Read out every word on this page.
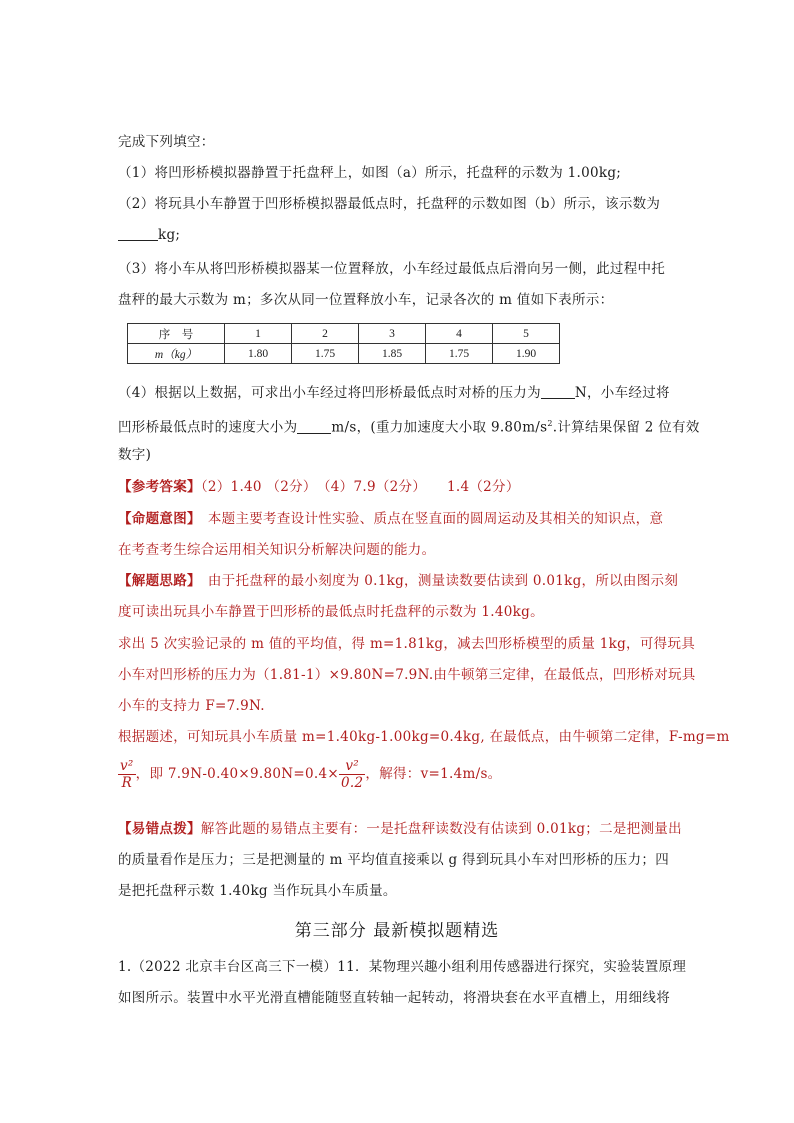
完成下列填空：
（1）将凹形桥模拟器静置于托盘秤上，如图（a）所示，托盘秤的示数为 1.00kg;
（2）将玩具小车静置于凹形桥模拟器最低点时，托盘秤的示数如图（b）所示，该示数为
kg;
（3）将小车从将凹形桥模拟器某一位置释放，小车经过最低点后滑向另一侧，此过程中托
盘秤的最大示数为 m；多次从同一位置释放小车，记录各次的 m 值如下表所示：
序　号	1	2	3	4	5
m（kg）	1.80	1.75	1.85	1.75	1.90
（4）根据以上数据，可求出小车经过将凹形桥最低点时对桥的压力为	N，小车经过将
凹形桥最低点时的速度大小为	m/s，(重力加速度大小取 $9.80m/s^2$.计算结果保留 2 位有效
数字)
【参考答案】（2）1.40 （2分）　（4）7.9（2分）　　1.4（2分）
【命题意图】　本题主要考查设计性实验、质点在竖直面的圆周运动及其相关的知识点，意
在考查考生综合运用相关知识分析解决问题的能力。
【解题思路】　由于托盘秤的最小刻度为 0.1kg，测量读数要估读到 0.01kg，所以由图示刻
度可读出玩具小车静置于凹形桥的最低点时托盘秤的示数为 1.40kg。
求出 5 次实验记录的 m 值的平均值，得 m=1.81kg，减去凹形桥模型的质量 1kg，可得玩具
小车对凹形桥的压力为（1.81-1）×9.80N=7.9N.由牛顿第三定律，在最低点，凹形桥对玩具
小车的支持力 F=7.9N.
根据题述，可知玩具小车质量 m=1.40kg-1.00kg=0.4kg, 在最低点，由牛顿第二定律，F-mg=m
$\frac{\text{v²}}{R}$ ，即 $7.9N-0.40\times 9.80N=0.4\times \frac{\text{v²}}{0.2}$ ，解得：v=1.4m/s。
【易错点拨】解答此题的易错点主要有：一是托盘秤读数没有估读到 0.01kg；二是把测量出
的质量看作是压力；三是把测量的 m 平均值直接乘以 g 得到玩具小车对凹形桥的压力；四
是把托盘秤示数 1.40kg 当作玩具小车质量。
第三部分 最新模拟题精选
1.（2022 北京丰台区高三下一模）11．某物理兴趣小组利用传感器进行探究，实验装置原理
如图所示。装置中水平光滑直槽能随竖直转轴一起转动，将滑块套在水平直槽上，用细线将
